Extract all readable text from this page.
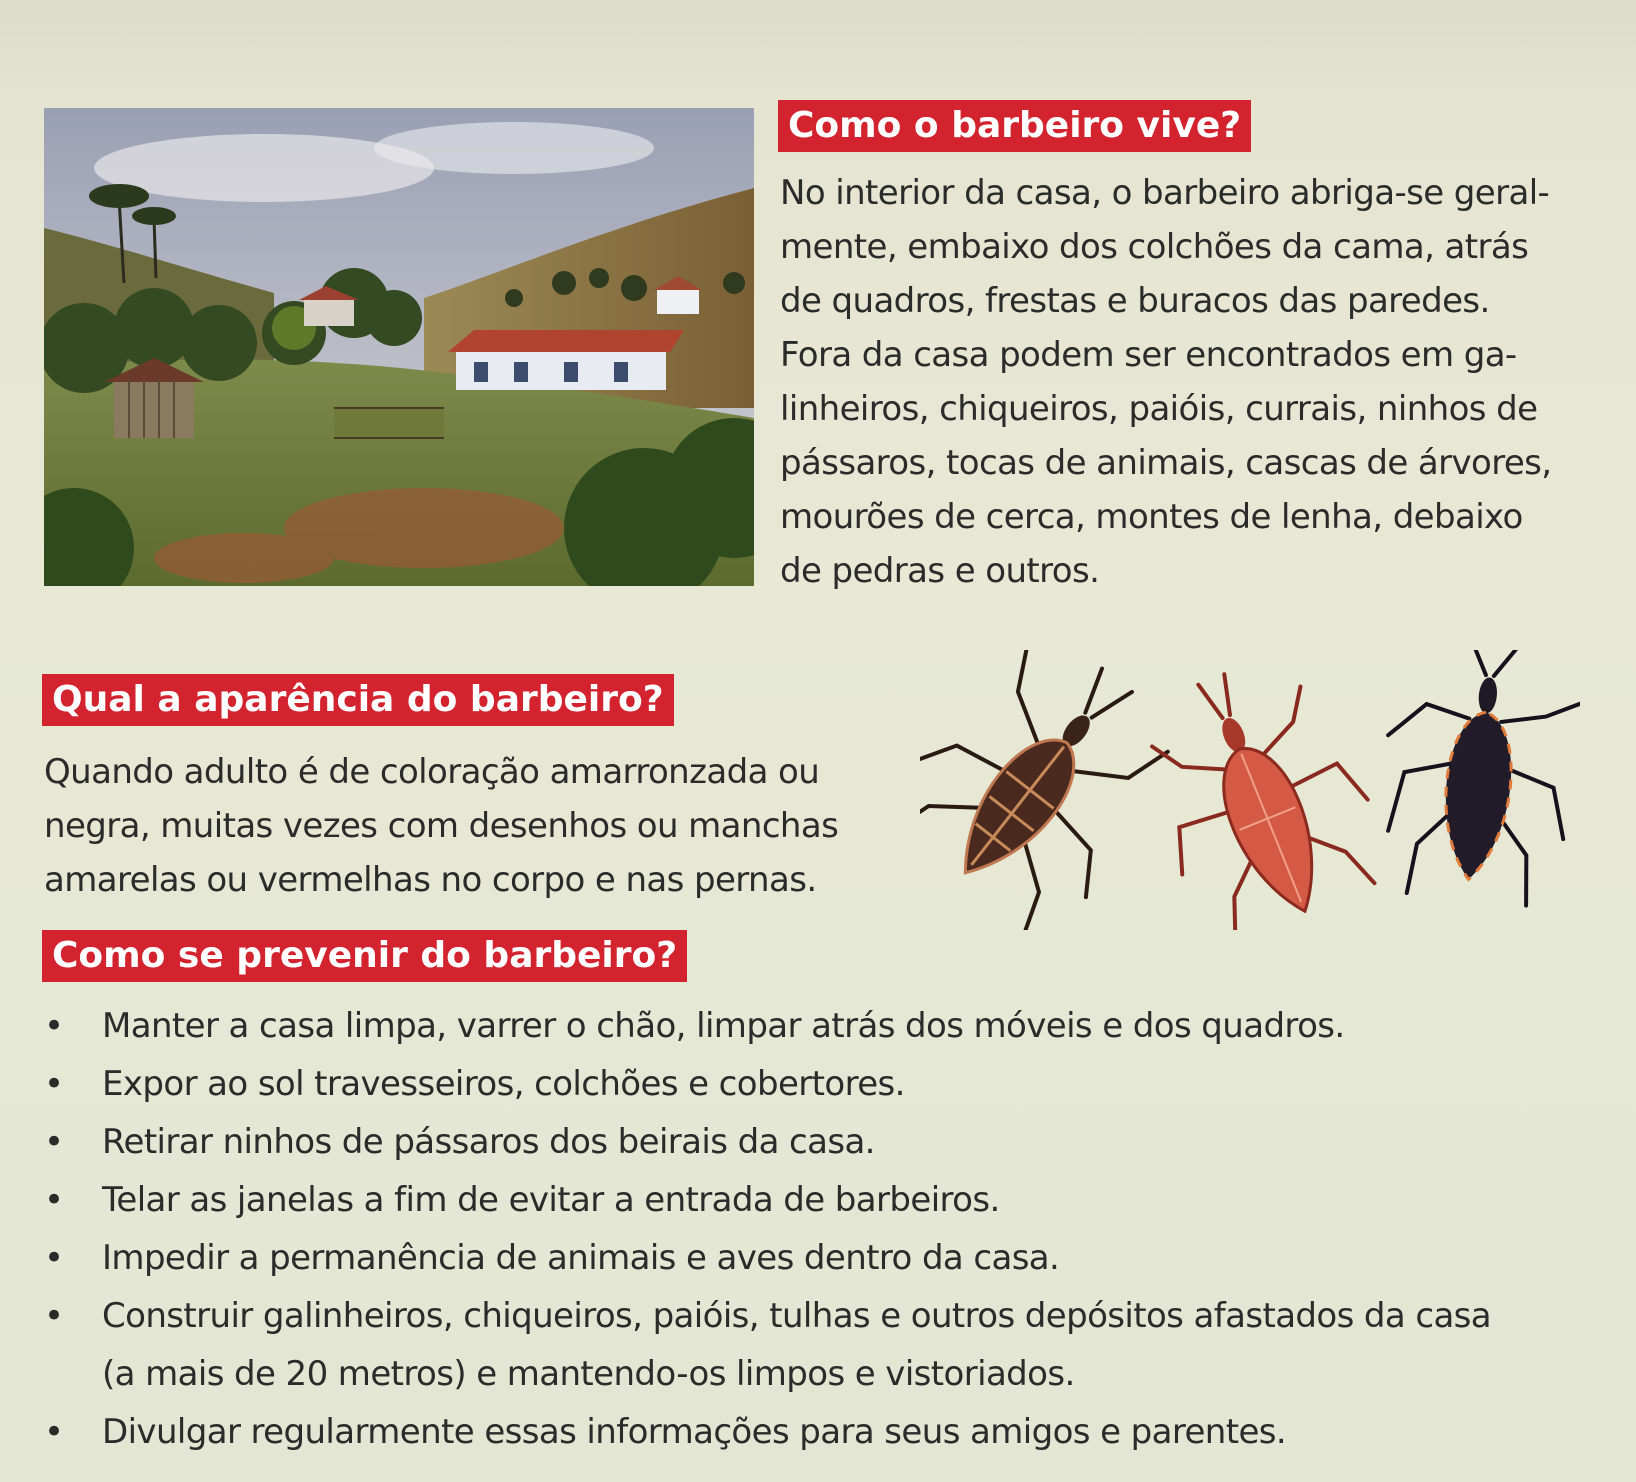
Como o barbeiro vive?
No interior da casa, o barbeiro abriga-se geral-
mente, embaixo dos colchões da cama, atrás
de quadros, frestas e buracos das paredes.
Fora da casa podem ser encontrados em ga-
linheiros, chiqueiros, paióis, currais, ninhos de
pássaros, tocas de animais, cascas de árvores,
mourões de cerca, montes de lenha, debaixo
de pedras e outros.
Qual a aparência do barbeiro?
Quando adulto é de coloração amarronzada ou
negra, muitas vezes com desenhos ou manchas
amarelas ou vermelhas no corpo e nas pernas.
Como se prevenir do barbeiro?
• Manter a casa limpa, varrer o chão, limpar atrás dos móveis e dos quadros.
• Expor ao sol travesseiros, colchões e cobertores.
• Retirar ninhos de pássaros dos beirais da casa.
• Telar as janelas a fim de evitar a entrada de barbeiros.
• Impedir a permanência de animais e aves dentro da casa.
• Construir galinheiros, chiqueiros, paióis, tulhas e outros depósitos afastados da casa
(a mais de 20 metros) e mantendo-os limpos e vistoriados.
• Divulgar regularmente essas informações para seus amigos e parentes.
